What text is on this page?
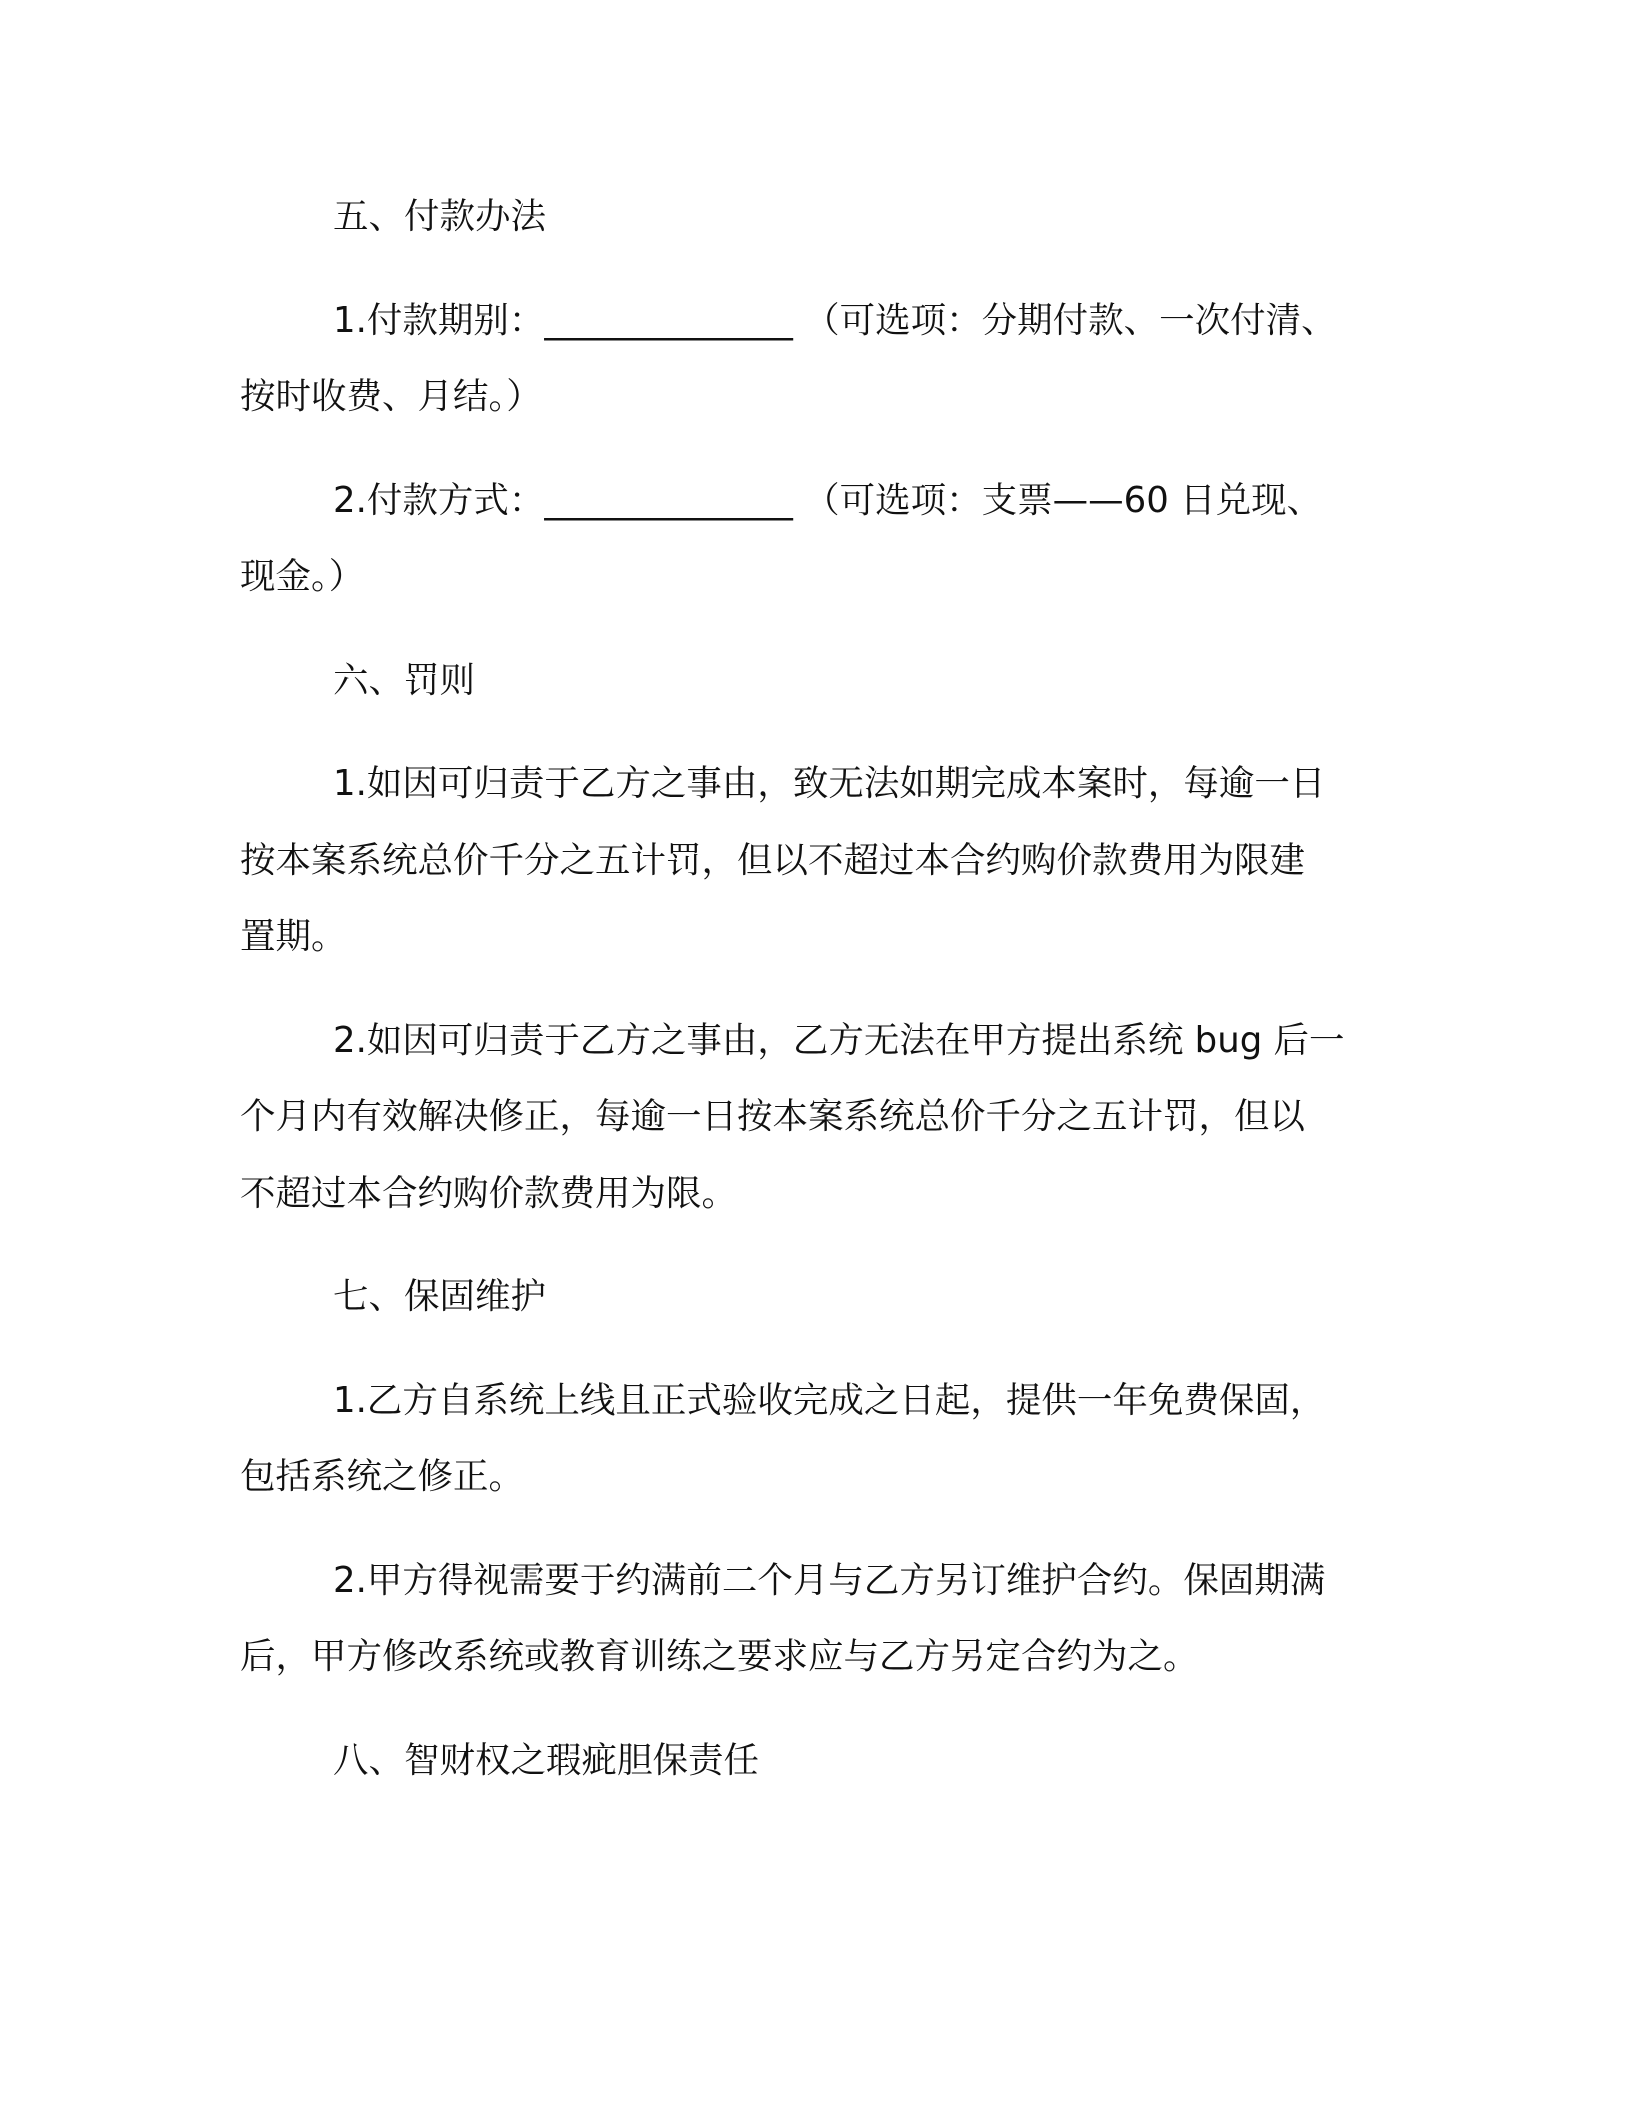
五、付款办法
1.付款期别：______________ （可选项：分期付款、一次付清、
按时收费、月结。）
2.付款方式：______________ （可选项：支票——60 日兑现、
现金。）
六、罚则
1.如因可归责于乙方之事由，致无法如期完成本案时，每逾一日
按本案系统总价千分之五计罚，但以不超过本合约购价款费用为限建
置期。
2.如因可归责于乙方之事由，乙方无法在甲方提出系统 bug 后一
个月内有效解决修正，每逾一日按本案系统总价千分之五计罚，但以
不超过本合约购价款费用为限。
七、保固维护
1.乙方自系统上线且正式验收完成之日起，提供一年免费保固，
包括系统之修正。
2.甲方得视需要于约满前二个月与乙方另订维护合约。保固期满
后，甲方修改系统或教育训练之要求应与乙方另定合约为之。
八、智财权之瑕疵胆保责任
